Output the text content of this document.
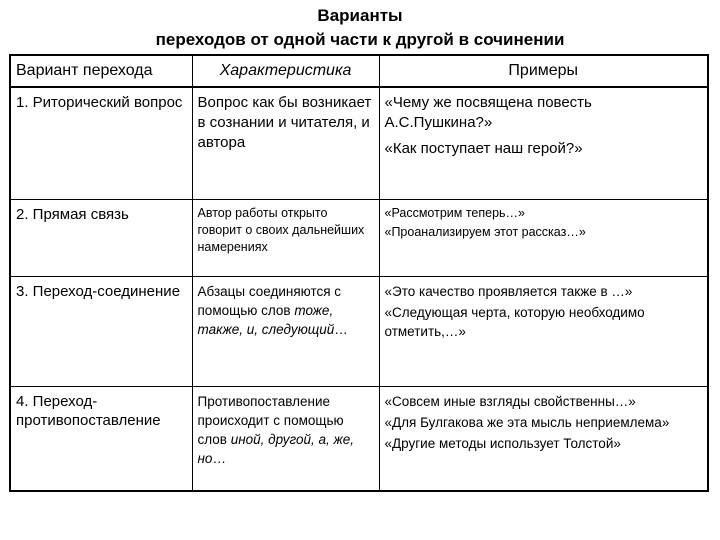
Варианты
переходов от одной части к другой в сочинении
Вариант перехода	Характеристика	Примеры
1. Риторический вопрос	Вопрос как бы возникает в сознании и читателя, и автора	«Чему же посвящена повесть А.С.Пушкина?»
«Как поступает наш герой?»

2. Прямая связь	Автор работы открыто говорит о своих дальнейших намерениях	«Рассмотрим теперь…»
«Проанализируем этот рассказ…»

3. Переход-соединение	Абзацы соединяются с помощью слов тоже, также, и, следующий…	«Это качество проявляется также в …»
«Следующая черта, которую необходимо отметить,…»

4. Переход-противопоставление	Противопоставление происходит с помощью слов иной, другой, а, же, но…	«Совсем иные взгляды свойственны…»
«Для Булгакова же эта мысль неприемлема»
«Другие методы использует Толстой»
